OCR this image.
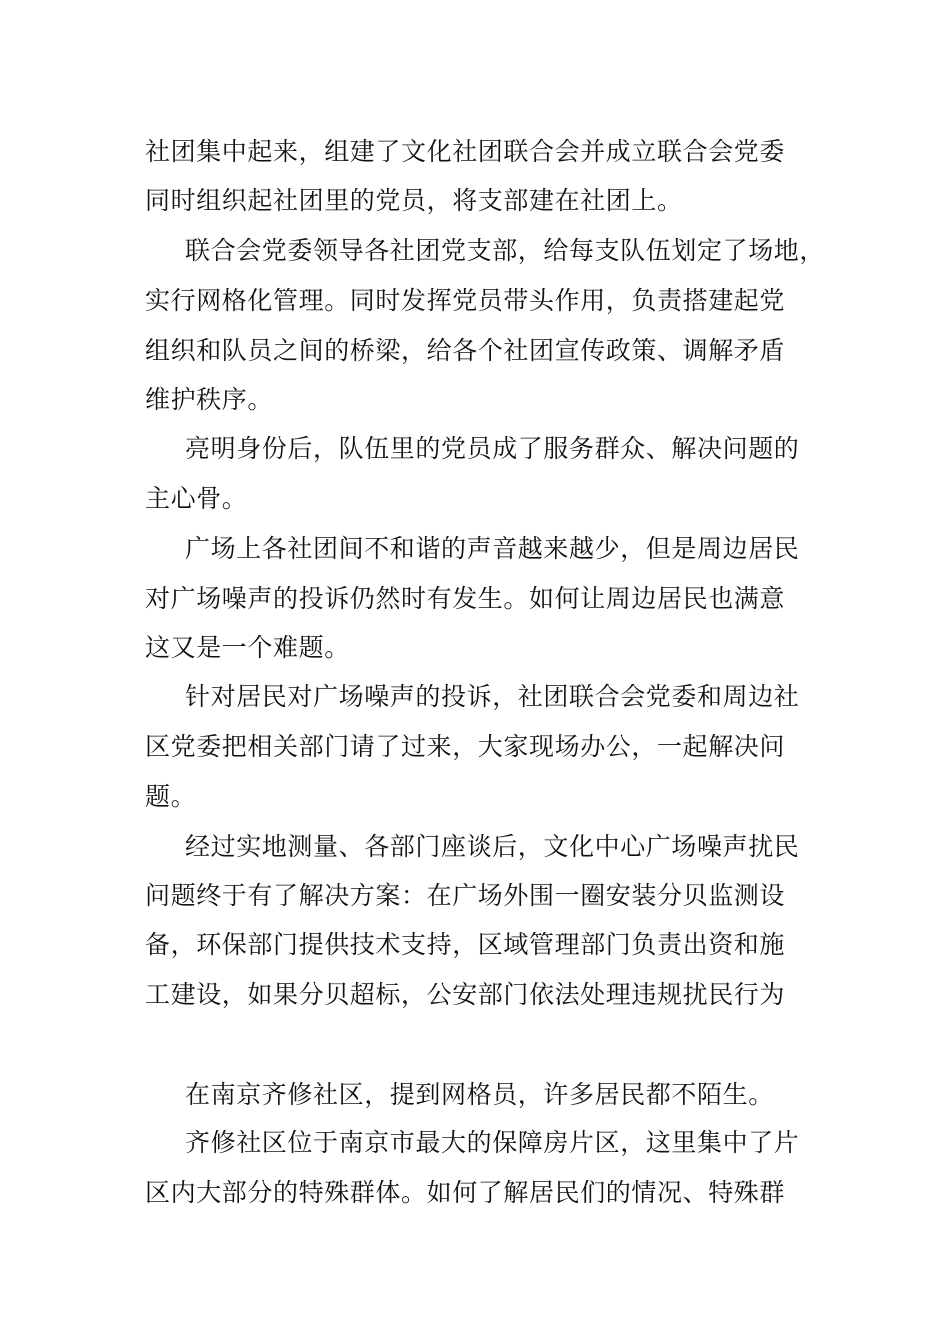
社团集中起来，组建了文化社团联合会并成立联合会党委
同时组织起社团里的党员，将支部建在社团上。
联合会党委领导各社团党支部，给每支队伍划定了场地，
实行网格化管理。同时发挥党员带头作用，负责搭建起党
组织和队员之间的桥梁，给各个社团宣传政策、调解矛盾
维护秩序。
亮明身份后，队伍里的党员成了服务群众、解决问题的
主心骨。
广场上各社团间不和谐的声音越来越少，但是周边居民
对广场噪声的投诉仍然时有发生。如何让周边居民也满意
这又是一个难题。
针对居民对广场噪声的投诉，社团联合会党委和周边社
区党委把相关部门请了过来，大家现场办公，一起解决问
题。
经过实地测量、各部门座谈后，文化中心广场噪声扰民
问题终于有了解决方案：在广场外围一圈安装分贝监测设
备，环保部门提供技术支持，区域管理部门负责出资和施
工建设，如果分贝超标，公安部门依法处理违规扰民行为
在南京齐修社区，提到网格员，许多居民都不陌生。
齐修社区位于南京市最大的保障房片区，这里集中了片
区内大部分的特殊群体。如何了解居民们的情况、特殊群
